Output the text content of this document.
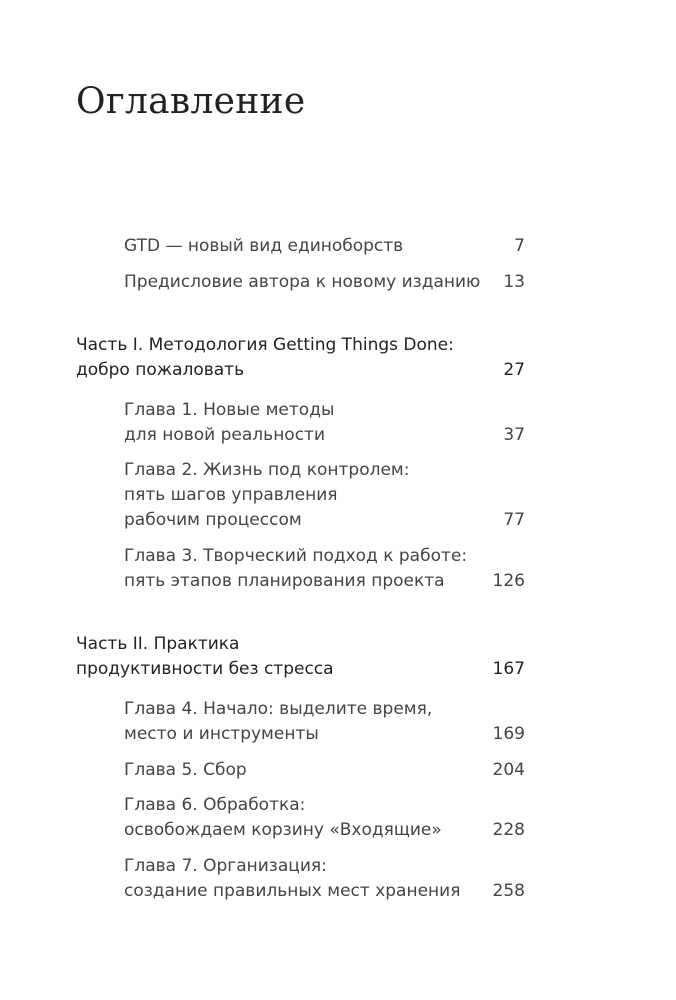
Оглавление
GTD — новый вид единоборств	7
Предисловие автора к новому изданию 13
Часть I. Методология Getting Things Done:
добро пожаловать	27
Глава 1. Новые методы
для новой реальности	37
Глава 2. Жизнь под контролем:
пять шагов управления
рабочим процессом	77
Глава 3. Творческий подход к работе:
пять этапов планирования проекта	126
Часть II. Практика
продуктивности без стресса	167
Глава 4. Начало: выделите время,
место и инструменты	169
Глава 5. Сбор	204
Глава 6. Обработка:
освобождаем корзину «Входящие»	228
Глава 7. Организация:
создание правильных мест хранения	258
